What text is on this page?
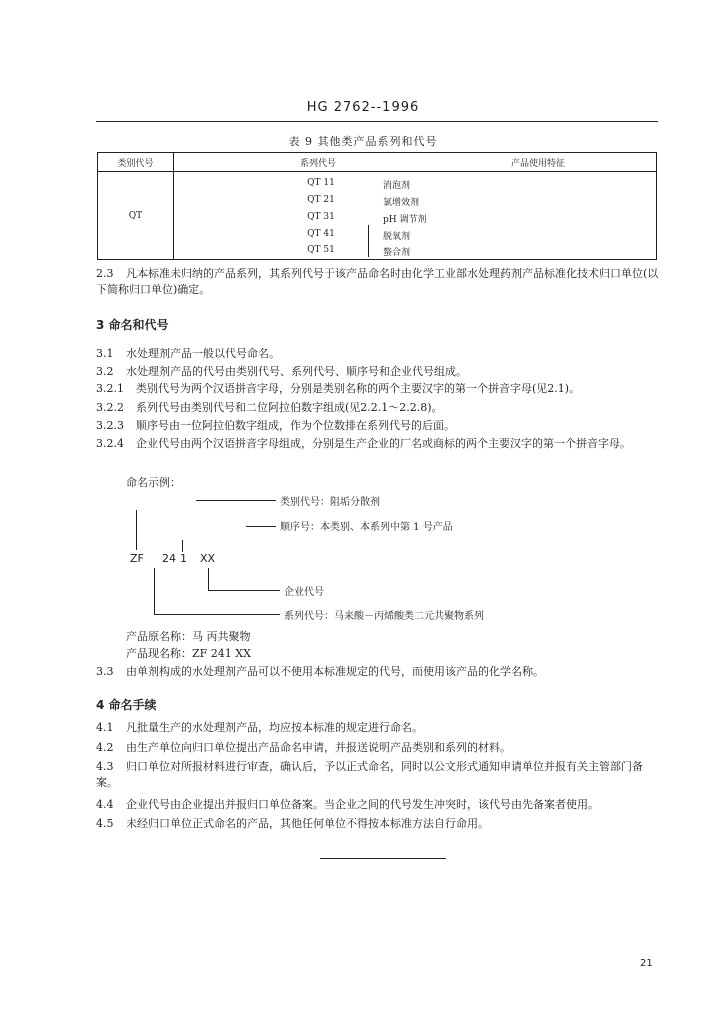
HG 2762--1996
表 9 其他类产品系列和代号
类别代号	系列代号	产品使用特征
QT
QT 11	消泡剂
QT 21	氯增效剂
QT 31	pH 调节剂
QT 41	脱氧剂
QT 51	螯合剂
2.3 凡本标准未归纳的产品系列，其系列代号于该产品命名时由化学工业部水处理药剂产品标准化技术归口单位(以下简称归口单位)确定。
3 命名和代号
3.1 水处理剂产品一般以代号命名。
3.2 水处理剂产品的代号由类别代号、系列代号、顺序号和企业代号组成。
3.2.1 类别代号为两个汉语拼音字母，分别是类别名称的两个主要汉字的第一个拼音字母(见2.1)。
3.2.2 系列代号由类别代号和二位阿拉伯数字组成(见2.2.1～2.2.8)。
3.2.3 顺序号由一位阿拉伯数字组成，作为个位数排在系列代号的后面。
3.2.4 企业代号由两个汉语拼音字母组成，分别是生产企业的厂名或商标的两个主要汉字的第一个拼音字母。
命名示例：
类别代号：阻垢分散剂
顺序号：本类别、本系列中第 1 号产品
ZF 24 1 XX
企业代号
系列代号：马来酸－丙烯酸类二元共聚物系列
产品原名称：马 丙共聚物
产品现名称：ZF 241 XX
3.3 由单剂构成的水处理剂产品可以不使用本标准规定的代号，而使用该产品的化学名称。
4 命名手续
4.1 凡批量生产的水处理剂产品，均应按本标准的规定进行命名。
4.2 由生产单位向归口单位提出产品命名申请，并报送说明产品类别和系列的材料。
4.3 归口单位对所报材料进行审查，确认后，予以正式命名，同时以公文形式通知申请单位并报有关主管部门备案。
4.4 企业代号由企业提出并报归口单位备案。当企业之间的代号发生冲突时，该代号由先备案者使用。
4.5 未经归口单位正式命名的产品，其他任何单位不得按本标准方法自行命用。
21
